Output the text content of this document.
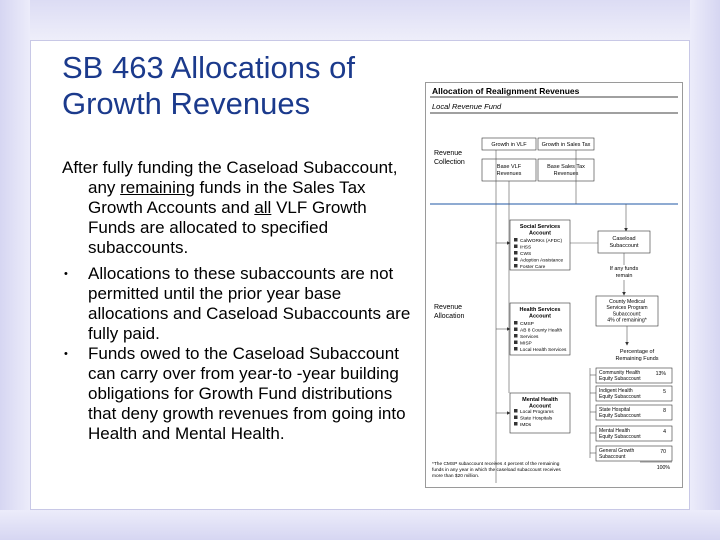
SB 463 Allocations of
Growth Revenues

After fully funding the Caseload Subaccount, any remaining funds in the Sales Tax Growth Accounts and all VLF Growth Funds are allocated to specified subaccounts.

• Allocations to these subaccounts are not permitted until the prior year base allocations and Caseload Subaccounts are fully paid.
• Funds owed to the Caseload Subaccount can carry over from year-to -year building obligations for Growth Fund distributions that deny growth revenues from going into Health and Mental Health.
Allocation of Realignment Revenues
Local Revenue Fund
Revenue Collection
Growth in VLF	Growth in Sales Tax
Base VLF Revenues
Base Sales Tax Revenues
Revenue Allocation
Social Services Account
CalWORKs (AFDC)
IHSS
CWS
Adoption Assistance
Foster Care
Caseload Subaccount
If any funds remain
Health Services Account
CMSP
AB 8 County Health
Services
MISP
Local Health Services
County Medical Services Program Subaccount: 4% of remaining*
Percentage of Remaining Funds
Mental Health Account
Local Programs
State Hospitals
IMDs
Community Health Equity Subaccount
13%
Indigent Health Equity Subaccount
5
State Hospital Equity Subaccount
8
Mental Health Equity Subaccount
4
General Growth Subaccount
70
100%
*The CMSP subaccount receives 4 percent of the remaining funds in any year in which the caseload subaccount receives more than $20 million.
